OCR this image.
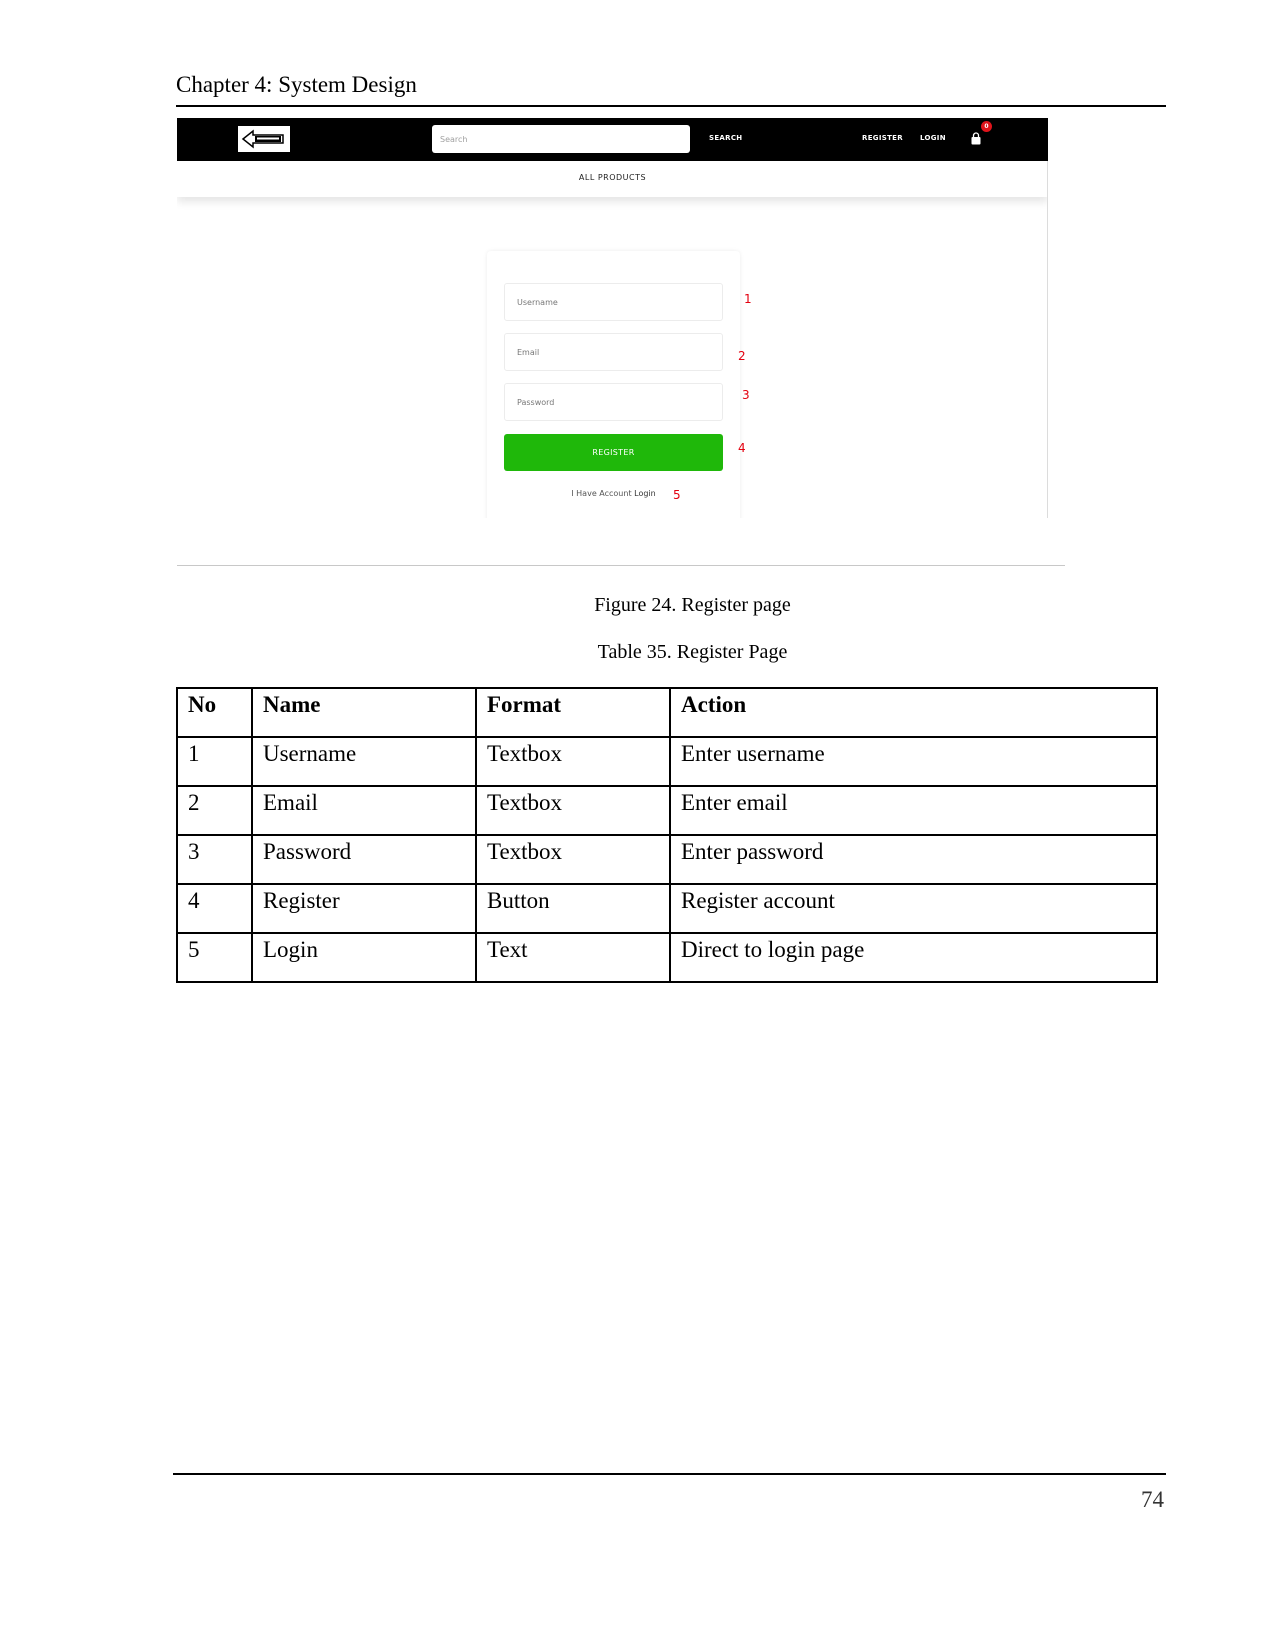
Chapter 4: System Design
Search
SEARCH	REGISTER LOGIN
0
ALL PRODUCTS
Username
Email
REGISTER
I Have Account Login
1
2
3
4
5
Figure 24. Register page
Table 35. Register Page
No	Name	Format	Action
1	Username	Textbox	Enter username
2	Email	Textbox	Enter email
3	Password	Textbox	Enter password
4	Register	Button	Register account
5	Login	Text	Direct to login page
74
